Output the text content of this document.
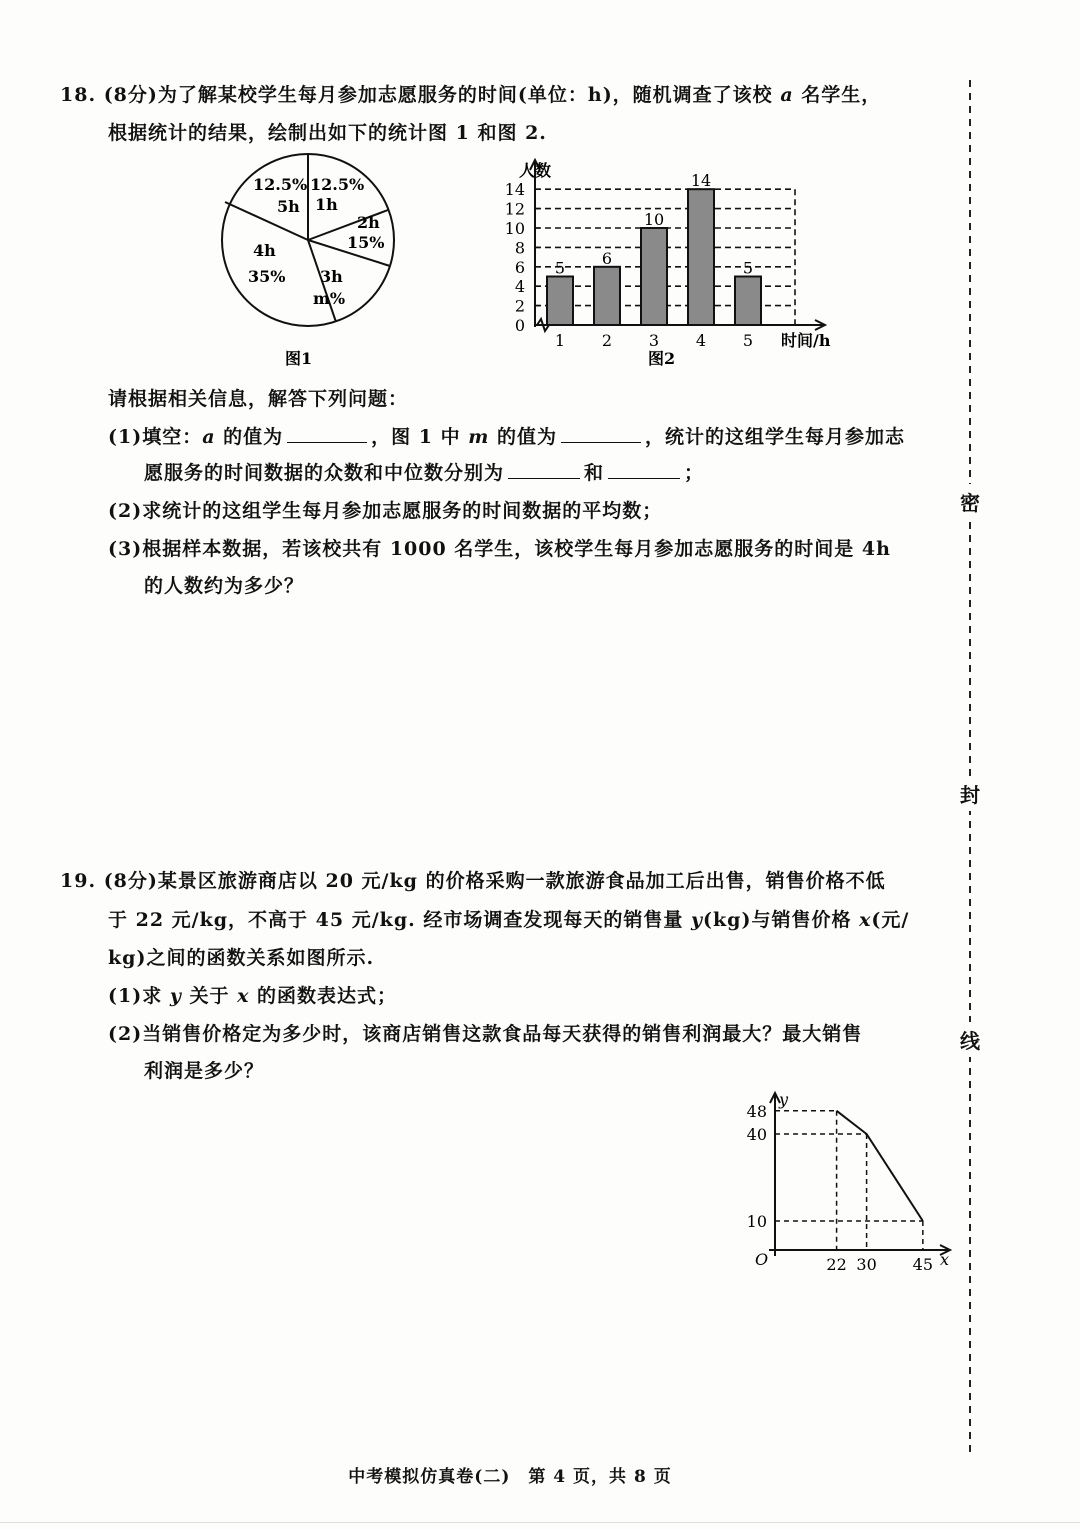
18. (8分)为了解某校学生每月参加志愿服务的时间(单位：h)，随机调查了该校 a 名学生，
根据统计的结果，绘制出如下的统计图 1 和图 2.
12.5%
5h
12.5%
1h
2h
15%
3h
m%
4h
35%
图1
0
2
4
6
8
10
12
14
1 2 3 4 5
5
6
10
14
5
人数
时间/h
图2
请根据相关信息，解答下列问题：
(1)填空：a 的值为	，图 1 中 m 的值为	，统计的这组学生每月参加志
愿服务的时间数据的众数和中位数分别为	和	；
(2)求统计的这组学生每月参加志愿服务的时间数据的平均数；
(3)根据样本数据，若该校共有 1000 名学生，该校学生每月参加志愿服务的时间是 4h
的人数约为多少？
19. (8分)某景区旅游商店以 20 元/kg 的价格采购一款旅游食品加工后出售，销售价格不低
于 22 元/kg，不高于 45 元/kg. 经市场调查发现每天的销售量 y(kg)与销售价格 x(元/
kg)之间的函数关系如图所示.
(1)求 y 关于 x 的函数表达式；
(2)当销售价格定为多少时，该商店销售这款食品每天获得的销售利润最大？最大销售
利润是多少？
48
40
10
22 30 45
y
x
O
密
封
线
中考模拟仿真卷(二)　第 4 页，共 8 页
